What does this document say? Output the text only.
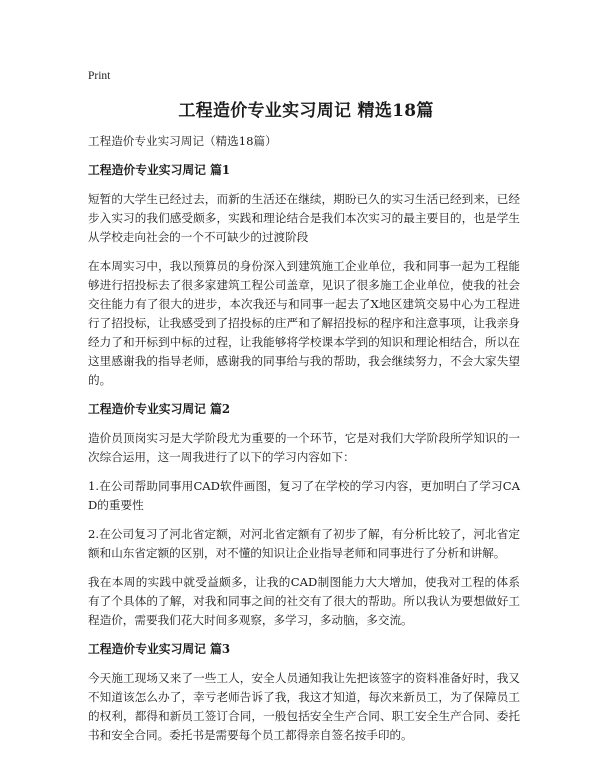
Print
工程造价专业实习周记 精选18篇

工程造价专业实习周记（精选18篇）

工程造价专业实习周记 篇1

短暂的大学生已经过去，而新的生活还在继续，期盼已久的实习生活已经到来，已经步入实习的我们感受颇多，实践和理论结合是我们本次实习的最主要目的，也是学生从学校走向社会的一个不可缺少的过渡阶段

在本周实习中，我以预算员的身份深入到建筑施工企业单位，我和同事一起为工程能够进行招投标去了很多家建筑工程公司盖章，见识了很多施工企业单位，使我的社会交往能力有了很大的进步，本次我还与和同事一起去了X地区建筑交易中心为工程进行了招投标，让我感受到了招投标的庄严和了解招投标的程序和注意事项，让我亲身经力了和开标到中标的过程，让我能够将学校课本学到的知识和理论相结合，所以在这里感谢我的指导老师，感谢我的同事给与我的帮助，我会继续努力，不会大家失望的。

工程造价专业实习周记 篇2

造价员顶岗实习是大学阶段尤为重要的一个环节，它是对我们大学阶段所学知识的一次综合运用，这一周我进行了以下的学习内容如下：

1.在公司帮助同事用CAD软件画图，复习了在学校的学习内容，更加明白了学习CAD的重要性

2.在公司复习了河北省定额，对河北省定额有了初步了解，有分析比较了，河北省定额和山东省定额的区别，对不懂的知识让企业指导老师和同事进行了分析和讲解。

我在本周的实践中就受益颇多，让我的CAD制图能力大大增加，使我对工程的体系有了个具体的了解，对我和同事之间的社交有了很大的帮助。所以我认为要想做好工程造价，需要我们花大时间多观察，多学习，多动脑，多交流。

工程造价专业实习周记 篇3

今天施工现场又来了一些工人，安全人员通知我让先把该签字的资料准备好时，我又不知道该怎么办了，幸亏老师告诉了我，我这才知道，每次来新员工，为了保障员工的权利，都得和新员工签订合同，一般包括安全生产合同、职工安全生产合同、委托书和安全合同。委托书是需要每个员工都得亲自签名按手印的。
